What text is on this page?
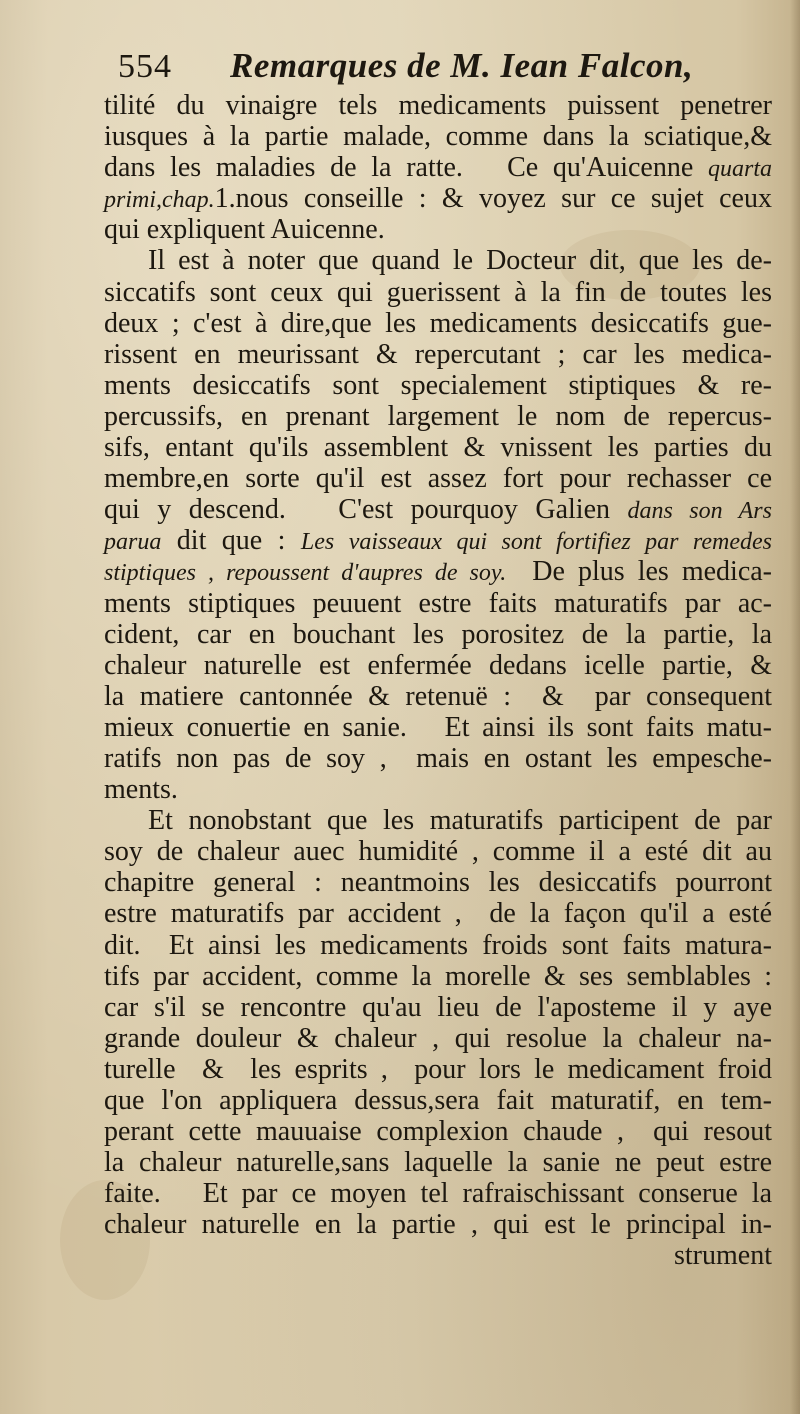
554 Remarques de M. Iean Falcon,
tilité du vinaigre tels medicaments puissent penetrer
iusques à la partie malade, comme dans la sciatique,&
dans les maladies de la ratte.   Ce qu'Auicenne quarta
primi,chap.1.nous conseille : & voyez sur ce sujet ceux
qui expliquent Auicenne.
Il est à noter que quand le Docteur dit, que les de-
siccatifs sont ceux qui guerissent à la fin de toutes les
deux ; c'est à dire,que les medicaments desiccatifs gue-
rissent en meurissant & repercutant ; car les medica-
ments desiccatifs sont specialement stiptiques & re-
percussifs, en prenant largement le nom de repercus-
sifs, entant qu'ils assemblent & vnissent les parties du
membre,en sorte qu'il est assez fort pour rechasser ce
qui y descend.   C'est pourquoy Galien dans son Ars
parua dit que : Les vaisseaux qui sont fortifiez par remedes
stiptiques , repoussent d'aupres de soy.  De plus les medica-
ments stiptiques peuuent estre faits maturatifs par ac-
cident, car en bouchant les porositez de la partie, la
chaleur naturelle est enfermée dedans icelle partie, &
la matiere cantonnée & retenuë :  &  par consequent
mieux conuertie en sanie.   Et ainsi ils sont faits matu-
ratifs non pas de soy ,  mais en ostant les empesche-
ments.
Et nonobstant que les maturatifs participent de par
soy de chaleur auec humidité , comme il a esté dit au
chapitre general : neantmoins les desiccatifs pourront
estre maturatifs par accident ,  de la façon qu'il a esté
dit.  Et ainsi les medicaments froids sont faits matura-
tifs par accident, comme la morelle & ses semblables :
car s'il se rencontre qu'au lieu de l'aposteme il y aye
grande douleur & chaleur , qui resolue la chaleur na-
turelle  &  les esprits ,  pour lors le medicament froid
que l'on appliquera dessus,sera fait maturatif, en tem-
perant cette mauuaise complexion chaude ,  qui resout
la chaleur naturelle,sans laquelle la sanie ne peut estre
faite.   Et par ce moyen tel rafraischissant conserue la
chaleur naturelle en la partie , qui est le principal in-
strument
